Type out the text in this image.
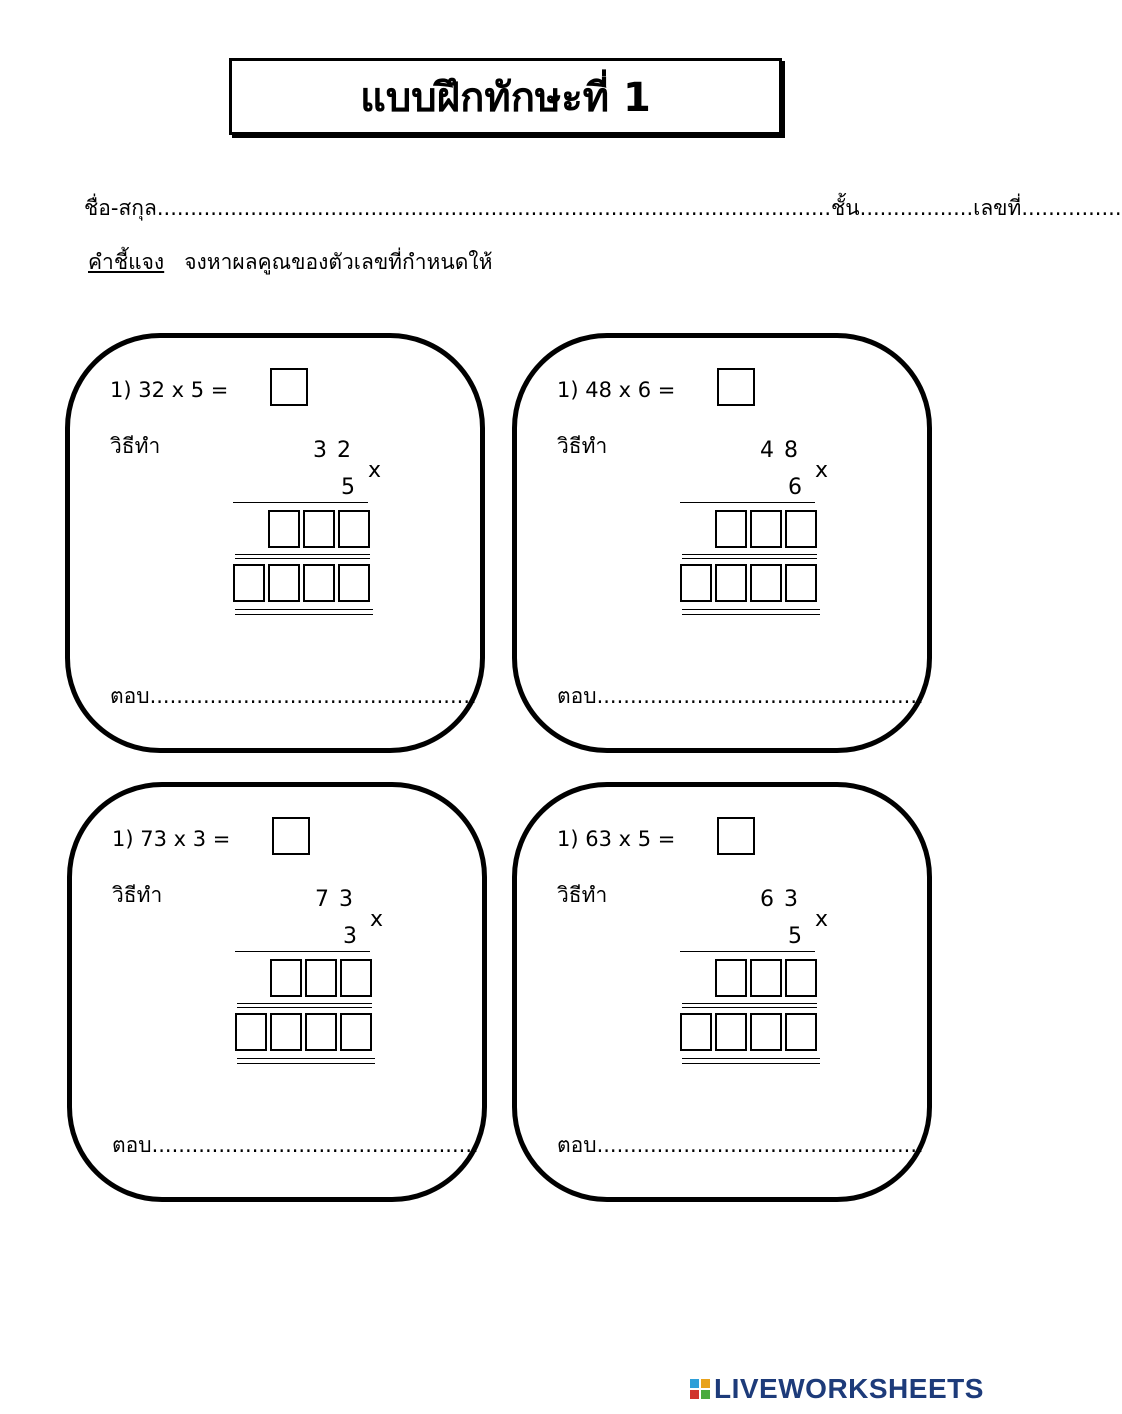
แบบฝึกทักษะที่ 1
ชื่อ-สกุล.....................................................................................................ชั้น.................เลขที่...............
คำชี้แจง จงหาผลคูณของตัวเลขที่กำหนดให้
1) 32 x 5 =
วิธีทำ	32
5
x
ตอบ.................................................
1) 48 x 6 =
วิธีทำ	48
6
x
ตอบ.................................................
1) 73 x 3 =
วิธีทำ	73
3
x
ตอบ.................................................
1) 63 x 5 =
วิธีทำ	63
5
x
ตอบ.................................................
LIVEWORKSHEETS
